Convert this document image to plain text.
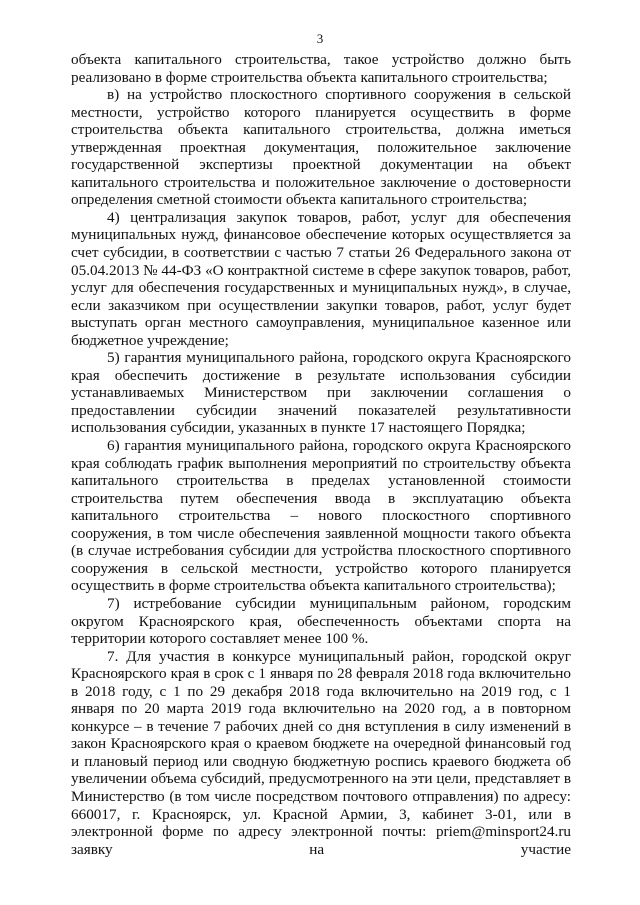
3

объекта капитального строительства, такое устройство должно быть реализовано в форме строительства объекта капитального строительства;

в) на устройство плоскостного спортивного сооружения в сельской местности, устройство которого планируется осуществить в форме строительства объекта капитального строительства, должна иметься утвержденная проектная документация, положительное заключение государственной экспертизы проектной документации на объект капитального строительства и положительное заключение о достоверности определения сметной стоимости объекта капитального строительства;

4) централизация закупок товаров, работ, услуг для обеспечения муниципальных нужд, финансовое обеспечение которых осуществляется за счет субсидии, в соответствии с частью 7 статьи 26 Федерального закона от 05.04.2013 № 44-ФЗ «О контрактной системе в сфере закупок товаров, работ, услуг для обеспечения государственных и муниципальных нужд», в случае, если заказчиком при осуществлении закупки товаров, работ, услуг будет выступать орган местного самоуправления, муниципальное казенное или бюджетное учреждение;

5) гарантия муниципального района, городского округа Красноярского края обеспечить достижение в результате использования субсидии устанавливаемых Министерством при заключении соглашения о предоставлении субсидии значений показателей результативности использования субсидии, указанных в пункте 17 настоящего Порядка;

6) гарантия муниципального района, городского округа Красноярского края соблюдать график выполнения мероприятий по строительству объекта капитального строительства в пределах установленной стоимости строительства путем обеспечения ввода в эксплуатацию объекта капитального строительства – нового плоскостного спортивного сооружения, в том числе обеспечения заявленной мощности такого объекта (в случае истребования субсидии для устройства плоскостного спортивного сооружения в сельской местности, устройство которого планируется осуществить в форме строительства объекта капитального строительства);

7) истребование субсидии муниципальным районом, городским округом Красноярского края, обеспеченность объектами спорта на территории которого составляет менее 100 %.

7. Для участия в конкурсе муниципальный район, городской округ Красноярского края в срок с 1 января по 28 февраля 2018 года включительно в 2018 году, с 1 по 29 декабря 2018 года включительно на 2019 год, с 1 января по 20 марта 2019 года включительно на 2020 год, а в повторном конкурсе – в течение 7 рабочих дней со дня вступления в силу изменений в закон Красноярского края о краевом бюджете на очередной финансовый год и плановый период или сводную бюджетную роспись краевого бюджета об увеличении объема субсидий, предусмотренного на эти цели, представляет в Министерство (в том числе посредством почтового отправления) по адресу: 660017, г. Красноярск, ул. Красной Армии, 3, кабинет 3-01, или в электронной форме по адресу электронной почты: priem@minsport24.ru заявку на участие
